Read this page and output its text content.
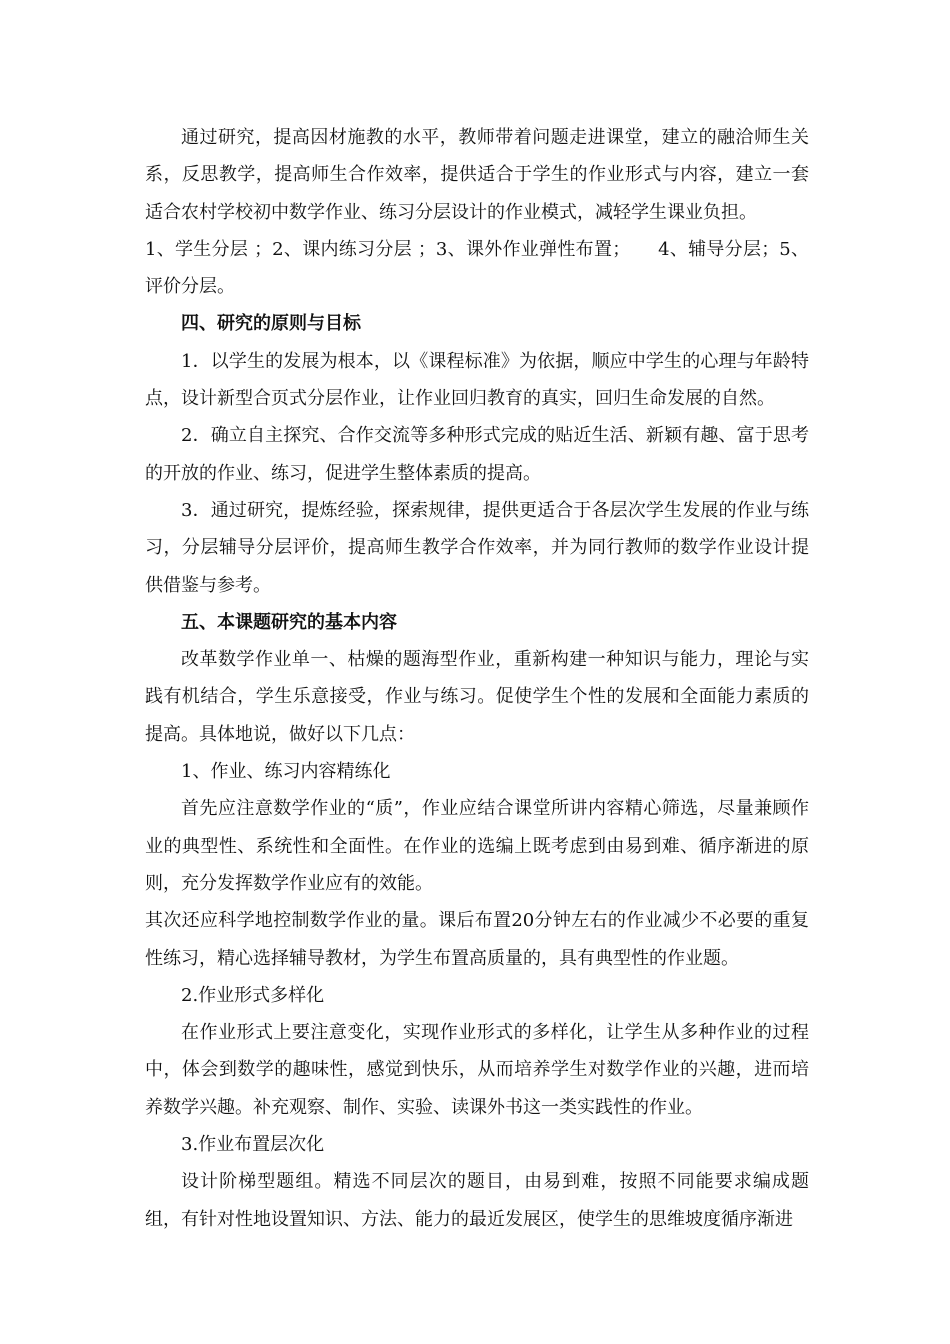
通过研究，提高因材施教的水平，教师带着问题走进课堂，建立的融洽师生关系，反思教学，提高师生合作效率，提供适合于学生的作业形式与内容，建立一套适合农村学校初中数学作业、练习分层设计的作业模式，减轻学生课业负担。

1、学生分层 ；2、课内练习分层 ；3、课外作业弹性布置；　　4、辅导分层；5、评价分层。

四、研究的原则与目标

1．以学生的发展为根本，以《课程标准》为依据，顺应中学生的心理与年龄特点，设计新型合页式分层作业，让作业回归教育的真实，回归生命发展的自然。

2．确立自主探究、合作交流等多种形式完成的贴近生活、新颖有趣、富于思考的开放的作业、练习，促进学生整体素质的提高。

3．通过研究，提炼经验，探索规律，提供更适合于各层次学生发展的作业与练习，分层辅导分层评价，提高师生教学合作效率，并为同行教师的数学作业设计提供借鉴与参考。

五、本课题研究的基本内容

改革数学作业单一、枯燥的题海型作业，重新构建一种知识与能力，理论与实践有机结合，学生乐意接受，作业与练习。促使学生个性的发展和全面能力素质的提高。具体地说，做好以下几点：

1、作业、练习内容精练化

首先应注意数学作业的“质”，作业应结合课堂所讲内容精心筛选，尽量兼顾作业的典型性、系统性和全面性。在作业的选编上既考虑到由易到难、循序渐进的原则，充分发挥数学作业应有的效能。

其次还应科学地控制数学作业的量。课后布置20分钟左右的作业减少不必要的重复性练习，精心选择辅导教材，为学生布置高质量的，具有典型性的作业题。

2.作业形式多样化

在作业形式上要注意变化，实现作业形式的多样化，让学生从多种作业的过程中，体会到数学的趣味性，感觉到快乐，从而培养学生对数学作业的兴趣，进而培养数学兴趣。补充观察、制作、实验、读课外书这一类实践性的作业。

3.作业布置层次化

设计阶梯型题组。精选不同层次的题目，由易到难，按照不同能要求编成题组，有针对性地设置知识、方法、能力的最近发展区，使学生的思维坡度循序渐进
